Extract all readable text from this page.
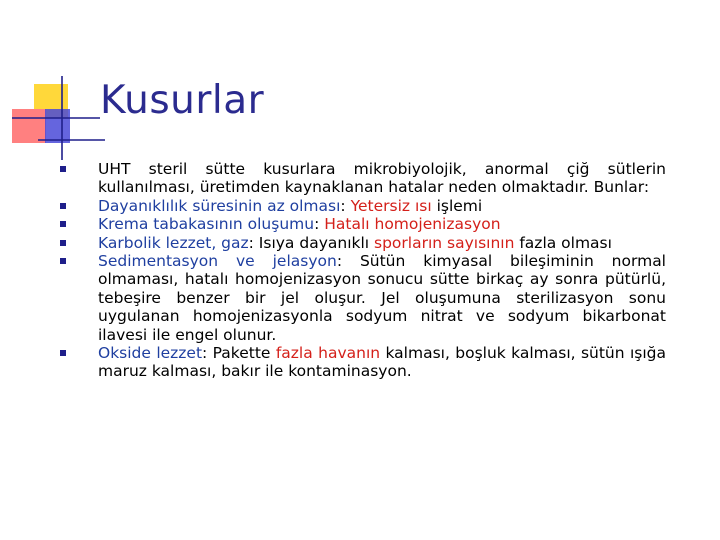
Kusurlar
UHT steril sütte kusurlara mikrobiyolojik, anormal çiğ sütlerin kullanılması, üretimden kaynaklanan hatalar neden olmaktadır. Bunlar:
Dayanıklılık süresinin az olması: Yetersiz ısı işlemi
Krema tabakasının oluşumu: Hatalı homojenizasyon
Karbolik lezzet, gaz: Isıya dayanıklı sporların sayısının fazla olması
Sedimentasyon ve jelasyon: Sütün kimyasal bileşiminin normal olmaması, hatalı homojenizasyon sonucu sütte birkaç ay sonra pütürlü, tebeşire benzer bir jel oluşur. Jel oluşumuna sterilizasyon sonu uygulanan homojenizasyonla sodyum nitrat ve sodyum bikarbonat ilavesi ile engel olunur.
Okside lezzet: Pakette fazla havanın kalması, boşluk kalması, sütün ışığa maruz kalması, bakır ile kontaminasyon.
